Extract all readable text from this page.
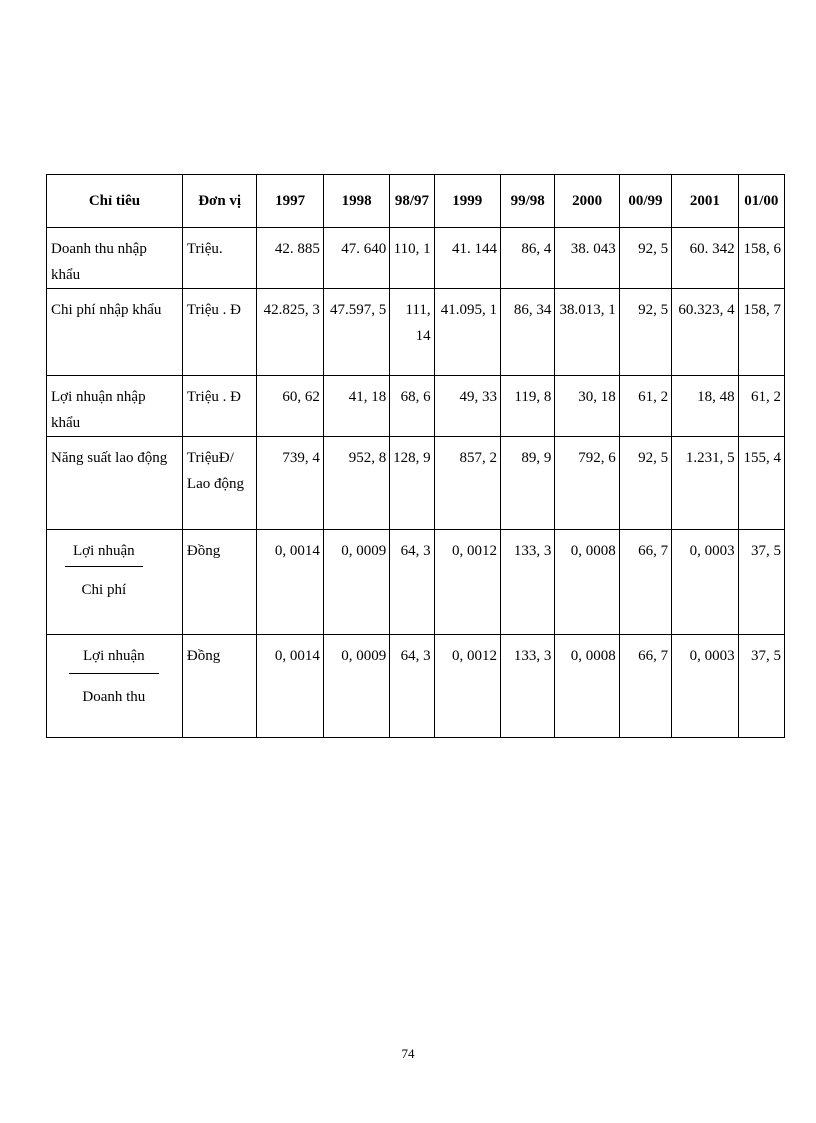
Chỉ tiêu	Đơn vị	1997	1998	98/97	1999	99/98	2000	00/99	2001	01/00
Doanh thu nhập khẩu	Triệu.	42. 885	47. 640	110, 1	41. 144	86, 4	38. 043	92, 5	60. 342	158, 6
Chi phí nhập khẩu	Triệu . Đ	42.825, 3	47.597, 5	111, 14	41.095, 1	86, 34	38.013, 1	92, 5	60.323, 4	158, 7
Lợi nhuận nhập khẩu	Triệu . Đ	60, 62	41, 18	68, 6	49, 33	119, 8	30, 18	61, 2	18, 48	61, 2
Năng suất lao động	TriệuĐ/ Lao động	739, 4	952, 8	128, 9	857, 2	89, 9	792, 6	92, 5	1.231, 5	155, 4

$\frac{\text{Lợi nhuận}}{\text{Chi phí}}$	Đồng	0, 0014	0, 0009	64, 3	0, 0012	133, 3	0, 0008	66, 7	0, 0003	37, 5

$\frac{\text{Lợi nhuận}}{\text{Doanh thu}}$	Đồng	0, 0014	0, 0009	64, 3	0, 0012	133, 3	0, 0008	66, 7	0, 0003	37, 5
74
